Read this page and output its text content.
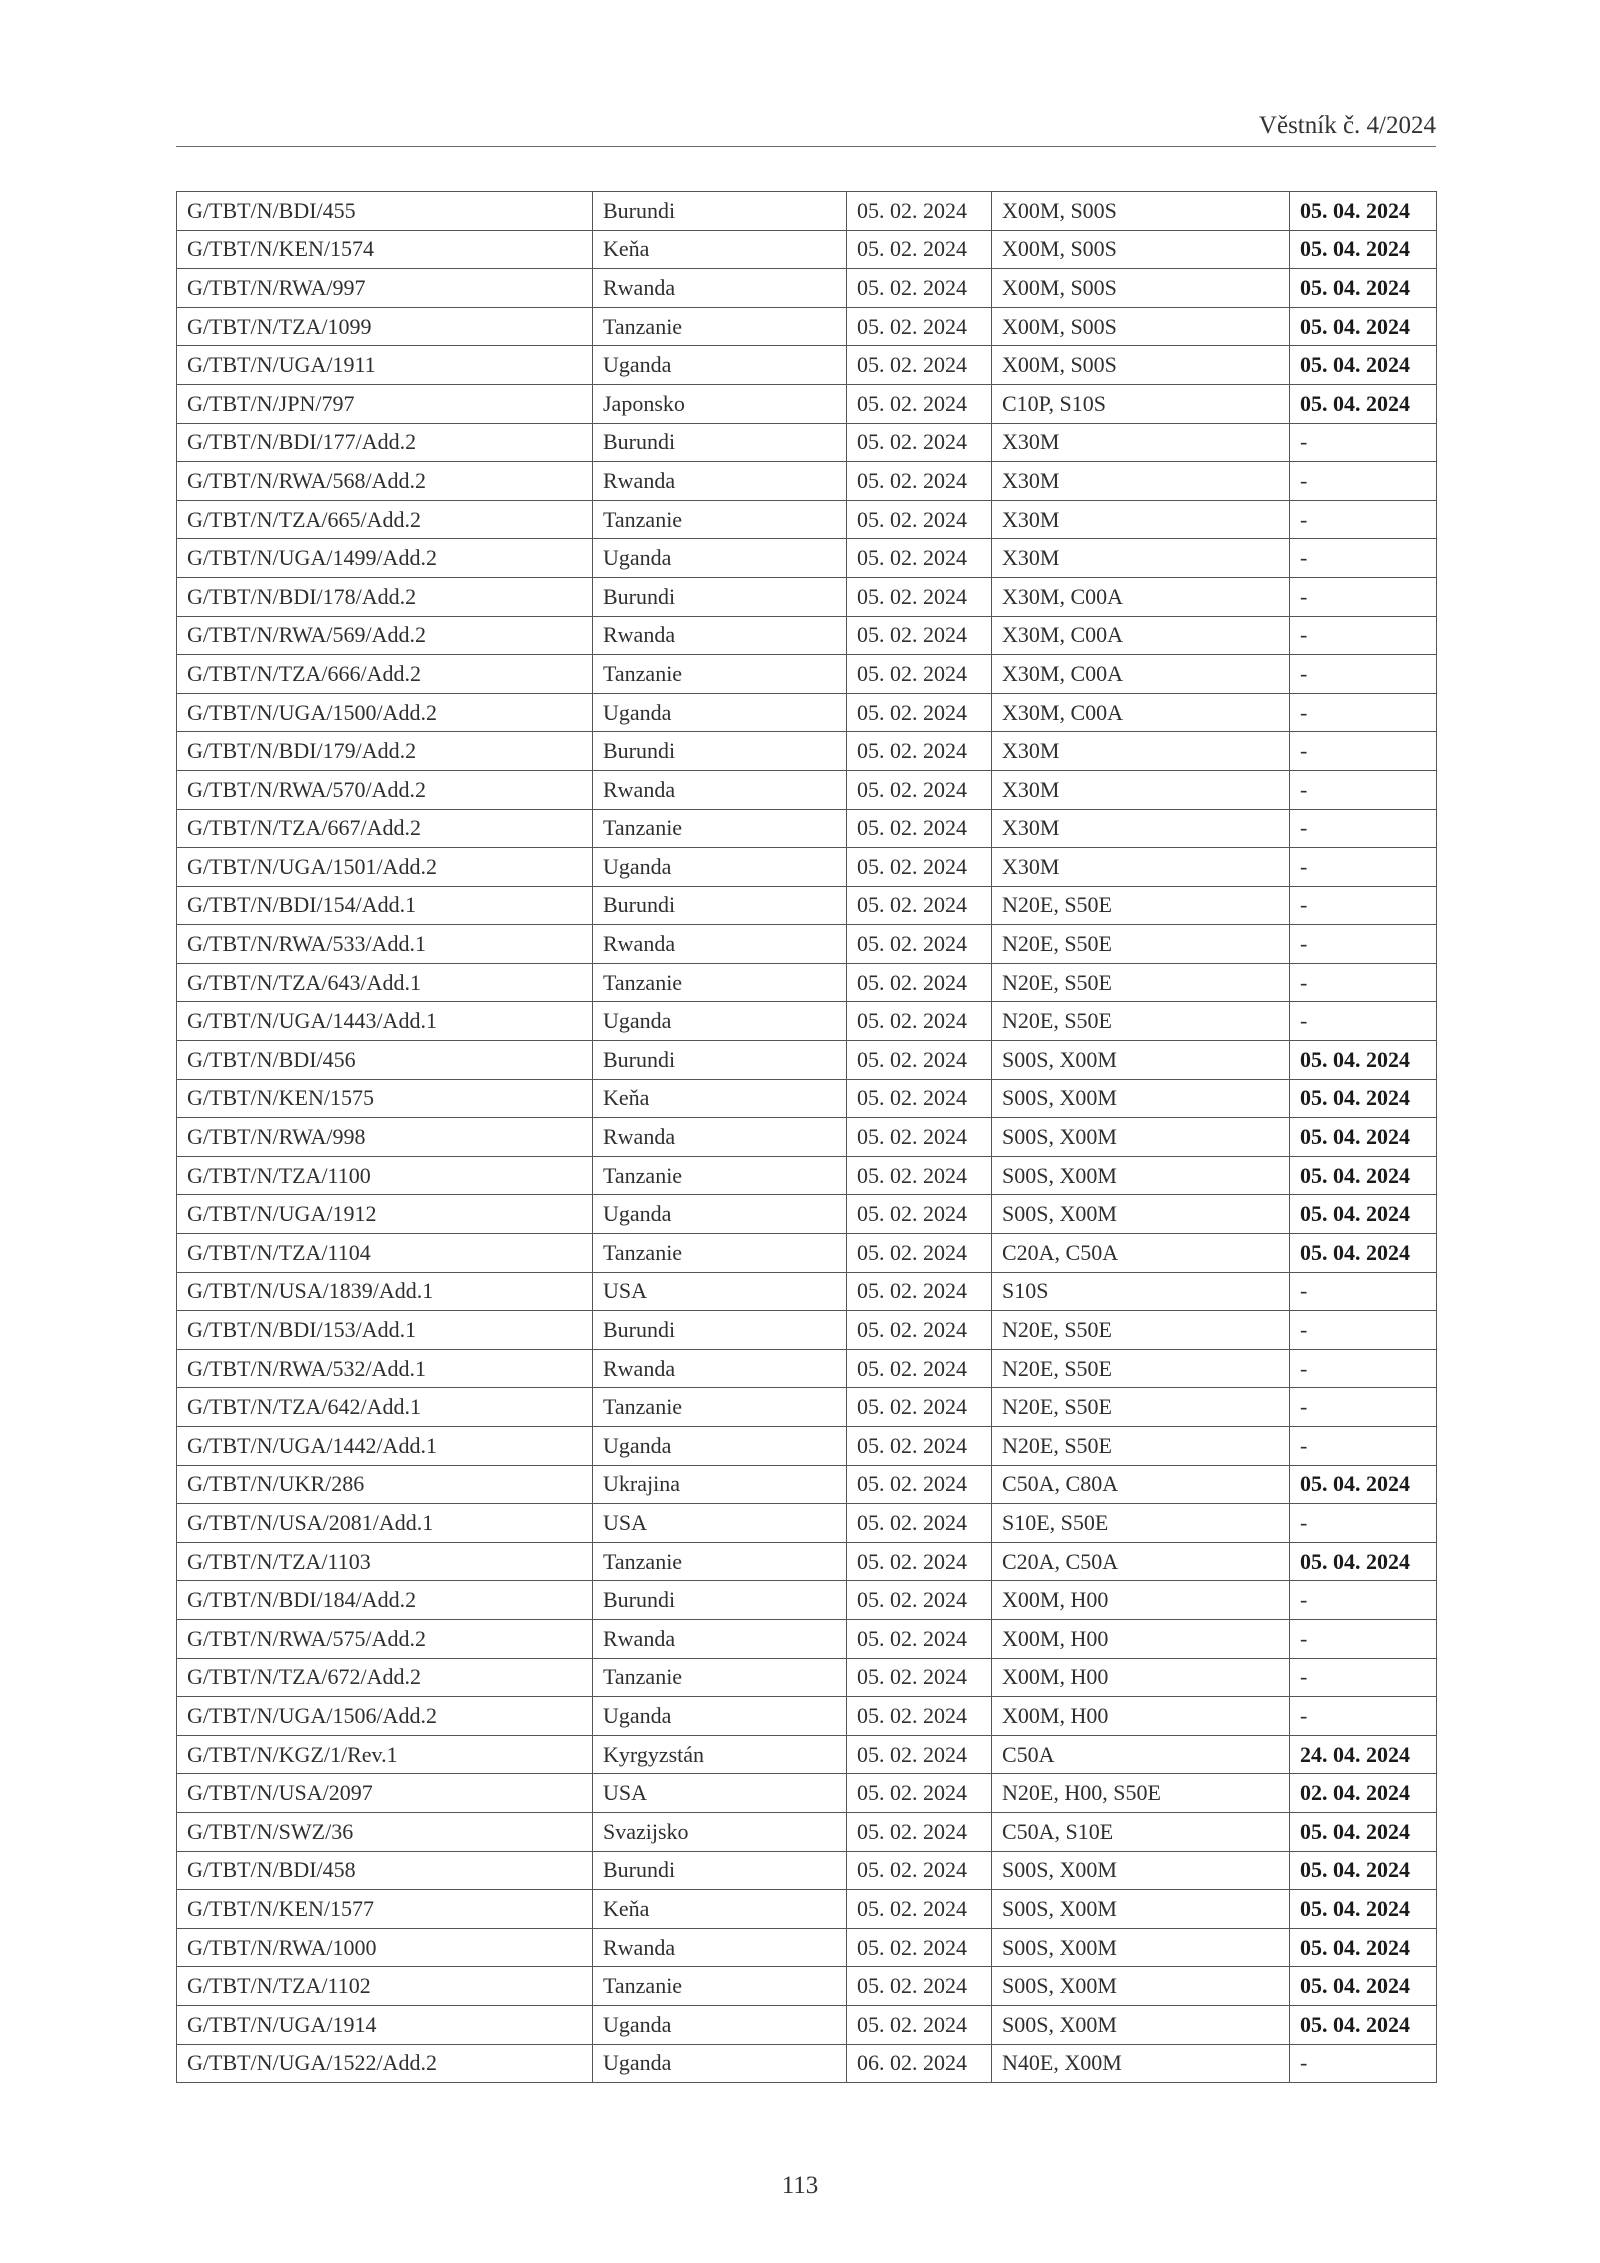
Věstník č. 4/2024
G/TBT/N/BDI/455	Burundi	05. 02. 2024	X00M, S00S	05. 04. 2024
G/TBT/N/KEN/1574	Keňa	05. 02. 2024	X00M, S00S	05. 04. 2024
G/TBT/N/RWA/997	Rwanda	05. 02. 2024	X00M, S00S	05. 04. 2024
G/TBT/N/TZA/1099	Tanzanie	05. 02. 2024	X00M, S00S	05. 04. 2024
G/TBT/N/UGA/1911	Uganda	05. 02. 2024	X00M, S00S	05. 04. 2024
G/TBT/N/JPN/797	Japonsko	05. 02. 2024	C10P, S10S	05. 04. 2024
G/TBT/N/BDI/177/Add.2	Burundi	05. 02. 2024	X30M	-
G/TBT/N/RWA/568/Add.2	Rwanda	05. 02. 2024	X30M	-
G/TBT/N/TZA/665/Add.2	Tanzanie	05. 02. 2024	X30M	-
G/TBT/N/UGA/1499/Add.2	Uganda	05. 02. 2024	X30M	-
G/TBT/N/BDI/178/Add.2	Burundi	05. 02. 2024	X30M, C00A	-
G/TBT/N/RWA/569/Add.2	Rwanda	05. 02. 2024	X30M, C00A	-
G/TBT/N/TZA/666/Add.2	Tanzanie	05. 02. 2024	X30M, C00A	-
G/TBT/N/UGA/1500/Add.2	Uganda	05. 02. 2024	X30M, C00A	-
G/TBT/N/BDI/179/Add.2	Burundi	05. 02. 2024	X30M	-
G/TBT/N/RWA/570/Add.2	Rwanda	05. 02. 2024	X30M	-
G/TBT/N/TZA/667/Add.2	Tanzanie	05. 02. 2024	X30M	-
G/TBT/N/UGA/1501/Add.2	Uganda	05. 02. 2024	X30M	-
G/TBT/N/BDI/154/Add.1	Burundi	05. 02. 2024	N20E, S50E	-
G/TBT/N/RWA/533/Add.1	Rwanda	05. 02. 2024	N20E, S50E	-
G/TBT/N/TZA/643/Add.1	Tanzanie	05. 02. 2024	N20E, S50E	-
G/TBT/N/UGA/1443/Add.1	Uganda	05. 02. 2024	N20E, S50E	-
G/TBT/N/BDI/456	Burundi	05. 02. 2024	S00S, X00M	05. 04. 2024
G/TBT/N/KEN/1575	Keňa	05. 02. 2024	S00S, X00M	05. 04. 2024
G/TBT/N/RWA/998	Rwanda	05. 02. 2024	S00S, X00M	05. 04. 2024
G/TBT/N/TZA/1100	Tanzanie	05. 02. 2024	S00S, X00M	05. 04. 2024
G/TBT/N/UGA/1912	Uganda	05. 02. 2024	S00S, X00M	05. 04. 2024
G/TBT/N/TZA/1104	Tanzanie	05. 02. 2024	C20A, C50A	05. 04. 2024
G/TBT/N/USA/1839/Add.1	USA	05. 02. 2024	S10S	-
G/TBT/N/BDI/153/Add.1	Burundi	05. 02. 2024	N20E, S50E	-
G/TBT/N/RWA/532/Add.1	Rwanda	05. 02. 2024	N20E, S50E	-
G/TBT/N/TZA/642/Add.1	Tanzanie	05. 02. 2024	N20E, S50E	-
G/TBT/N/UGA/1442/Add.1	Uganda	05. 02. 2024	N20E, S50E	-
G/TBT/N/UKR/286	Ukrajina	05. 02. 2024	C50A, C80A	05. 04. 2024
G/TBT/N/USA/2081/Add.1	USA	05. 02. 2024	S10E, S50E	-
G/TBT/N/TZA/1103	Tanzanie	05. 02. 2024	C20A, C50A	05. 04. 2024
G/TBT/N/BDI/184/Add.2	Burundi	05. 02. 2024	X00M, H00	-
G/TBT/N/RWA/575/Add.2	Rwanda	05. 02. 2024	X00M, H00	-
G/TBT/N/TZA/672/Add.2	Tanzanie	05. 02. 2024	X00M, H00	-
G/TBT/N/UGA/1506/Add.2	Uganda	05. 02. 2024	X00M, H00	-
G/TBT/N/KGZ/1/Rev.1	Kyrgyzstán	05. 02. 2024	C50A	24. 04. 2024
G/TBT/N/USA/2097	USA	05. 02. 2024	N20E, H00, S50E	02. 04. 2024
G/TBT/N/SWZ/36	Svazijsko	05. 02. 2024	C50A, S10E	05. 04. 2024
G/TBT/N/BDI/458	Burundi	05. 02. 2024	S00S, X00M	05. 04. 2024
G/TBT/N/KEN/1577	Keňa	05. 02. 2024	S00S, X00M	05. 04. 2024
G/TBT/N/RWA/1000	Rwanda	05. 02. 2024	S00S, X00M	05. 04. 2024
G/TBT/N/TZA/1102	Tanzanie	05. 02. 2024	S00S, X00M	05. 04. 2024
G/TBT/N/UGA/1914	Uganda	05. 02. 2024	S00S, X00M	05. 04. 2024
G/TBT/N/UGA/1522/Add.2	Uganda	06. 02. 2024	N40E, X00M	-
113
